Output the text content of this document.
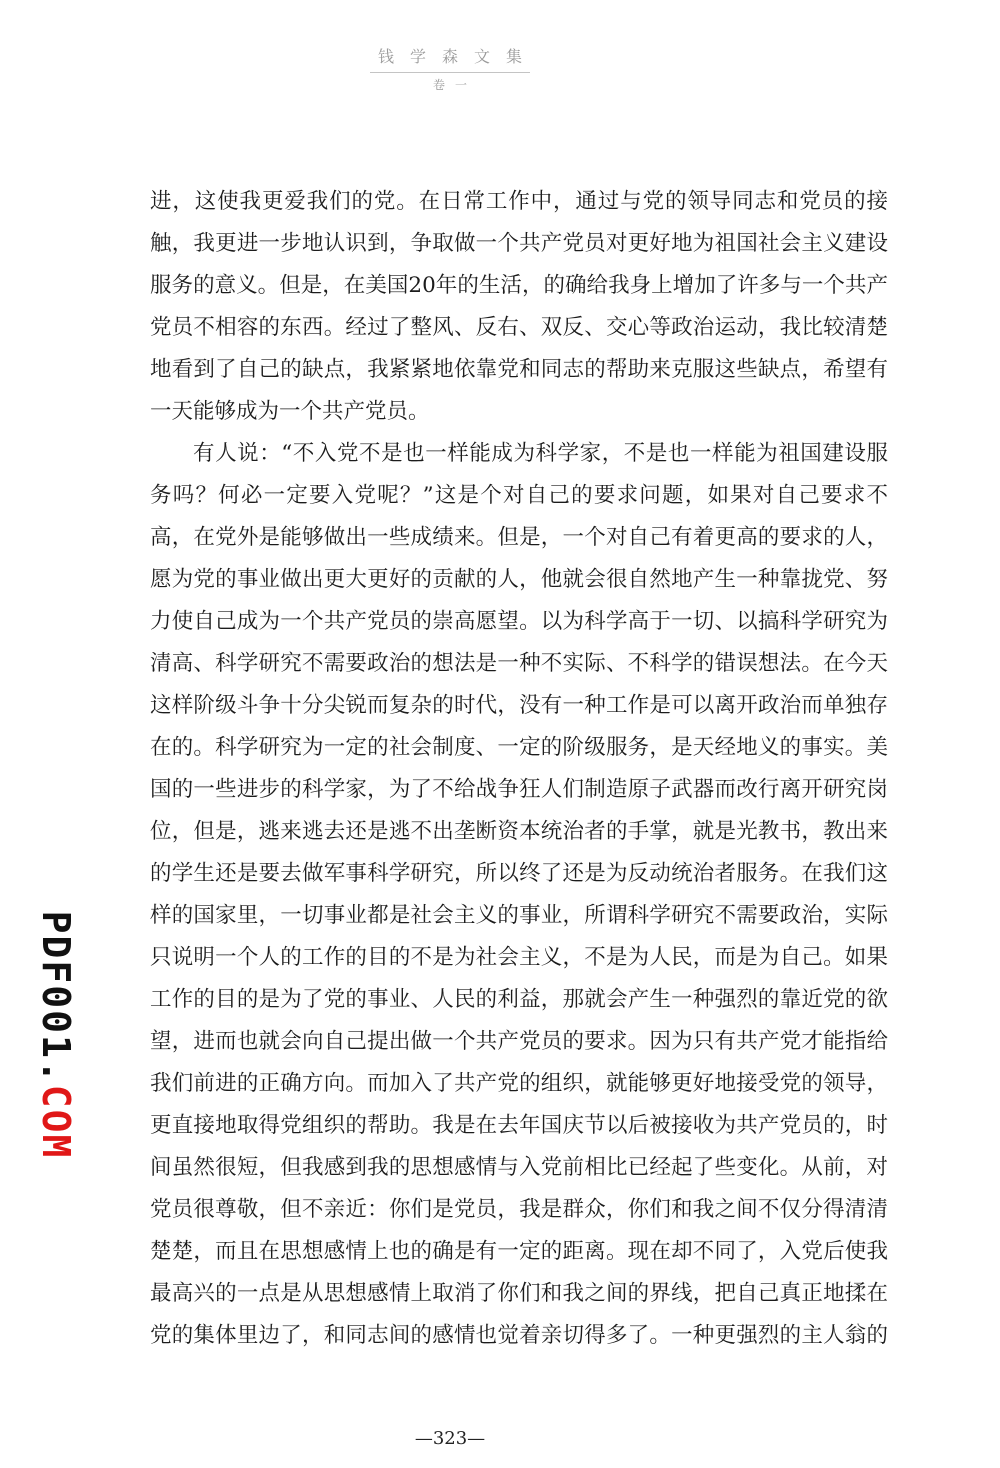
钱学森文集
卷一
进，这使我更爱我们的党。在日常工作中，通过与党的领导同志和党员的接
触，我更进一步地认识到，争取做一个共产党员对更好地为祖国社会主义建设
服务的意义。但是，在美国20年的生活，的确给我身上增加了许多与一个共产
党员不相容的东西。经过了整风、反右、双反、交心等政治运动，我比较清楚
地看到了自己的缺点，我紧紧地依靠党和同志的帮助来克服这些缺点，希望有
一天能够成为一个共产党员。
有人说：“不入党不是也一样能成为科学家，不是也一样能为祖国建设服
务吗？何必一定要入党呢？”这是个对自己的要求问题，如果对自己要求不
高，在党外是能够做出一些成绩来。但是，一个对自己有着更高的要求的人，
愿为党的事业做出更大更好的贡献的人，他就会很自然地产生一种靠拢党、努
力使自己成为一个共产党员的崇高愿望。以为科学高于一切、以搞科学研究为
清高、科学研究不需要政治的想法是一种不实际、不科学的错误想法。在今天
这样阶级斗争十分尖锐而复杂的时代，没有一种工作是可以离开政治而单独存
在的。科学研究为一定的社会制度、一定的阶级服务，是天经地义的事实。美
国的一些进步的科学家，为了不给战争狂人们制造原子武器而改行离开研究岗
位，但是，逃来逃去还是逃不出垄断资本统治者的手掌，就是光教书，教出来
的学生还是要去做军事科学研究，所以终了还是为反动统治者服务。在我们这
样的国家里，一切事业都是社会主义的事业，所谓科学研究不需要政治，实际
只说明一个人的工作的目的不是为社会主义，不是为人民，而是为自己。如果
工作的目的是为了党的事业、人民的利益，那就会产生一种强烈的靠近党的欲
望，进而也就会向自己提出做一个共产党员的要求。因为只有共产党才能指给
我们前进的正确方向。而加入了共产党的组织，就能够更好地接受党的领导，
更直接地取得党组织的帮助。我是在去年国庆节以后被接收为共产党员的，时
间虽然很短，但我感到我的思想感情与入党前相比已经起了些变化。从前，对
党员很尊敬，但不亲近：你们是党员，我是群众，你们和我之间不仅分得清清
楚楚，而且在思想感情上也的确是有一定的距离。现在却不同了，入党后使我
最高兴的一点是从思想感情上取消了你们和我之间的界线，把自己真正地揉在
党的集体里边了，和同志间的感情也觉着亲切得多了。一种更强烈的主人翁的
PDF001.COM
—323—
